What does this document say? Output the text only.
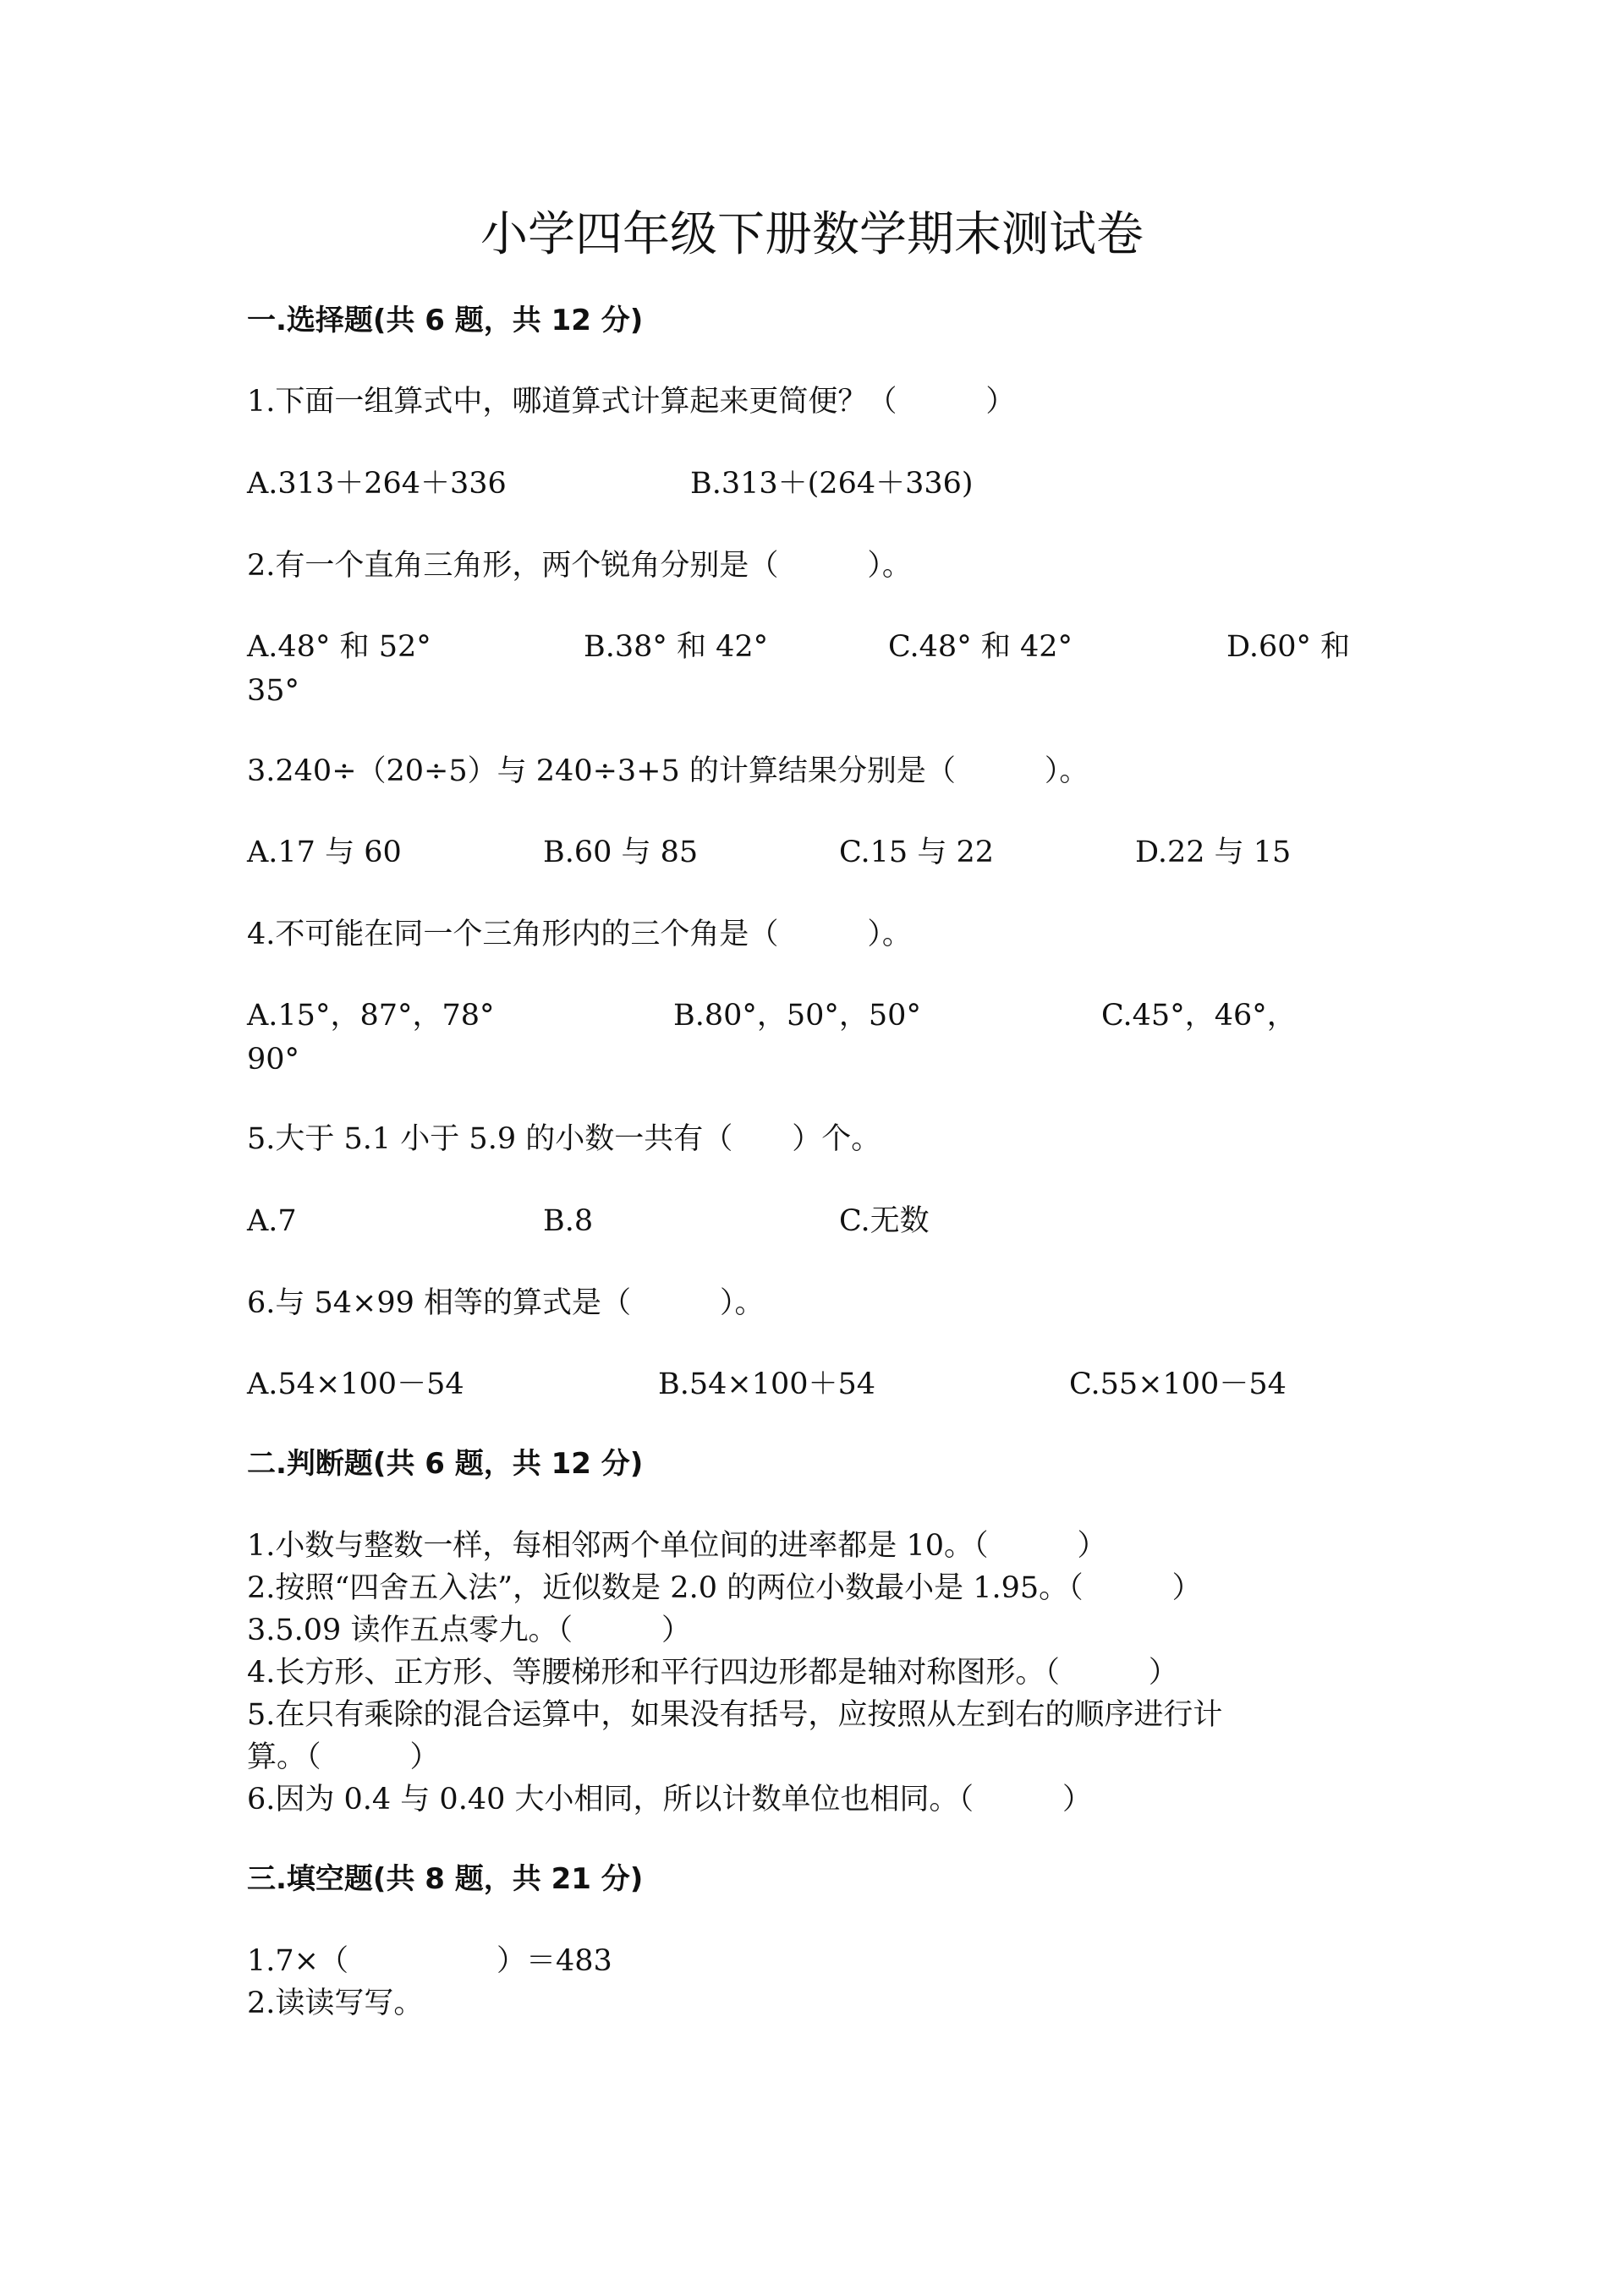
小学四年级下册数学期末测试卷
一.选择题(共 6 题，共 12 分)
1.下面一组算式中，哪道算式计算起来更简便？（　　　）
A.313＋264＋336	B.313＋(264＋336)
2.有一个直角三角形，两个锐角分别是（　　　）。
A.48° 和 52°	B.38° 和 42°	C.48° 和 42°	D.60° 和
35°
3.240÷（20÷5）与 240÷3+5 的计算结果分别是（　　　）。
A.17 与 60	B.60 与 85	C.15 与 22	D.22 与 15
4.不可能在同一个三角形内的三个角是（　　　）。
A.15°，87°，78°	B.80°，50°，50°	C.45°，46°，
90°
5.大于 5.1 小于 5.9 的小数一共有（　　）个。
A.7	B.8	C.无数
6.与 54×99 相等的算式是（　　　）。
A.54×100－54	B.54×100＋54	C.55×100－54
二.判断题(共 6 题，共 12 分)
1.小数与整数一样，每相邻两个单位间的进率都是 10。（　　　）
2.按照“四舍五入法”，近似数是 2.0 的两位小数最小是 1.95。（　　　）
3.5.09 读作五点零九。（　　　）
4.长方形、正方形、等腰梯形和平行四边形都是轴对称图形。（　　　）
5.在只有乘除的混合运算中，如果没有括号，应按照从左到右的顺序进行计
算。（　　　）
6.因为 0.4 与 0.40 大小相同，所以计数单位也相同。（　　　）
三.填空题(共 8 题，共 21 分)
1.7×（　　　　　）＝483
2.读读写写。
